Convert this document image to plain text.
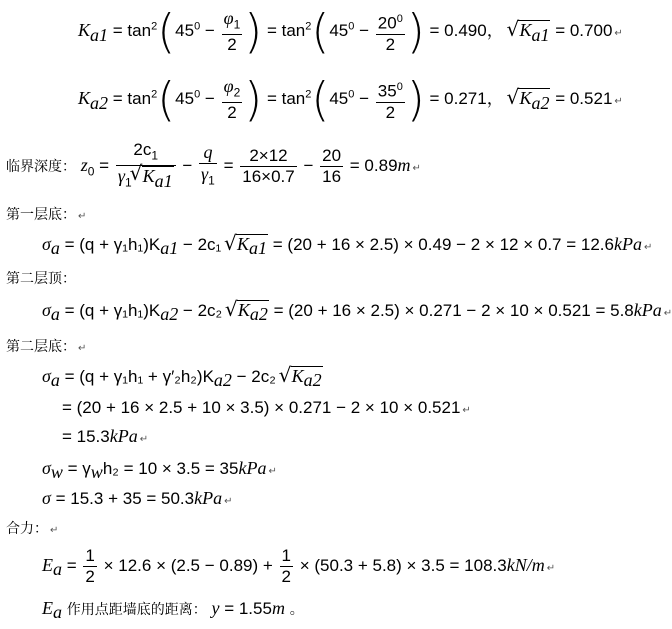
$K_{a1} = \tan^2(45^0 - \frac{\varphi_1}{2}$ ) = $\tan^2(45^0 - \frac{20^0}{2}$ ) = 0.490， √ $K_{a1} = 0.700$ ↵
$K_{a2} = \tan^2(45^0 - \frac{\varphi_2}{2}$ ) = $\tan^2(45^0 - \frac{35^0}{2}$ ) = 0.271， √ $K_{a2} = 0.521$ ↵
临界深度： $z_0 = \frac{2c_1}{\gamma_1 √ K_{a1}} - \frac{q}{\gamma_1} = \frac{2\times 12}{16\times 0.7} - \frac{20}{16} = 0.89m$ ↵
第一层底： ↵
$\sigma_a = (q + \gamma_1h_1)K_{a1} - 2c_1$ √ $K_{a1} = (20 + 16 \times 2.5) \times 0.49 - 2 \times 12 \times 0.7 = 12.6kPa$ ↵
第二层顶：
$\sigma_a = (q + \gamma_1h_1)K_{a2} - 2c_2$ √ $K_{a2} = (20 + 16 \times 2.5) \times 0.271 - 2 \times 10 \times 0.521 = 5.8kPa$ ↵
第二层底： ↵
$\sigma_a = (q + \gamma_1h_1 + \gamma'_2h_2)K_{a2} - 2c_2$ √ $K_{a2}$
= (20 + 16 × 2.5 + 10 × 3.5) × 0.271 − 2 × 10 × 0.521 ↵
= 15.3kPa ↵
$\sigma_w = \gamma_wh_2 = 10 \times 3.5 = 35kPa$ ↵
σ = 15.3 + 35 = 50.3kPa ↵
合力： ↵
$E_a = \frac{1}{2} \times 12.6 \times (2.5 - 0.89) + \frac{1}{2} \times (50.3 + 5.8) \times 3.5 = 108.3kN/m$ ↵
$E_a$ 作用点距墙底的距离： y = 1.55m 。
